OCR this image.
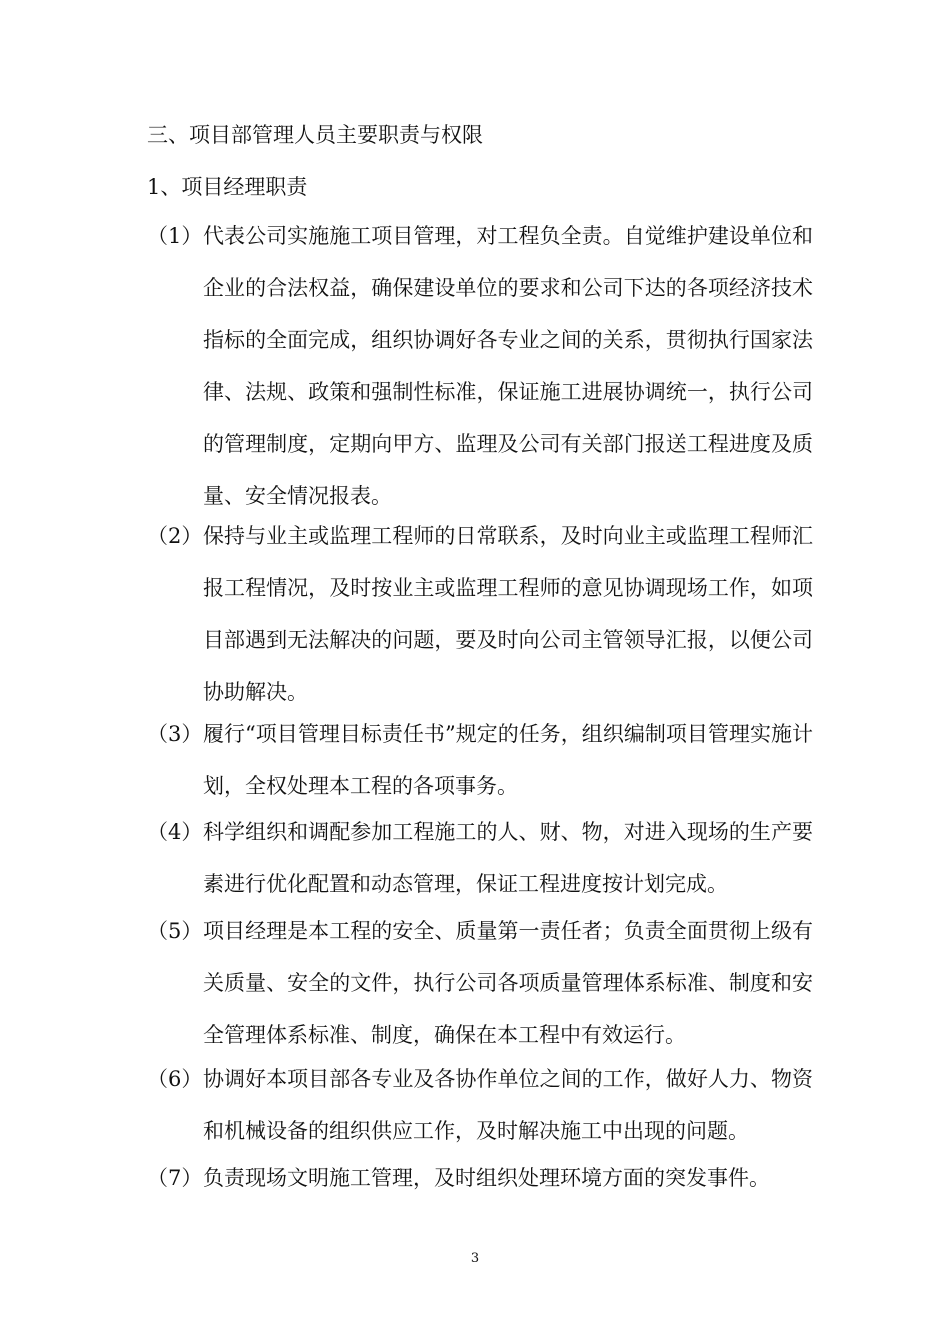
三、项目部管理人员主要职责与权限
1、项目经理职责
（1） 代表公司实施施工项目管理，对工程负全责。自觉维护建设单位和企业的合法权益，确保建设单位的要求和公司下达的各项经济技术指标的全面完成，组织协调好各专业之间的关系，贯彻执行国家法律、法规、政策和强制性标准，保证施工进展协调统一，执行公司的管理制度，定期向甲方、监理及公司有关部门报送工程进度及质量、安全情况报表。
（2） 保持与业主或监理工程师的日常联系，及时向业主或监理工程师汇报工程情况，及时按业主或监理工程师的意见协调现场工作，如项目部遇到无法解决的问题，要及时向公司主管领导汇报，以便公司协助解决。
（3） 履行“项目管理目标责任书”规定的任务，组织编制项目管理实施计划，全权处理本工程的各项事务。
（4） 科学组织和调配参加工程施工的人、财、物，对进入现场的生产要素进行优化配置和动态管理，保证工程进度按计划完成。
（5） 项目经理是本工程的安全、质量第一责任者；负责全面贯彻上级有关质量、安全的文件，执行公司各项质量管理体系标准、制度和安全管理体系标准、制度，确保在本工程中有效运行。
（6） 协调好本项目部各专业及各协作单位之间的工作，做好人力、物资和机械设备的组织供应工作，及时解决施工中出现的问题。
（7） 负责现场文明施工管理，及时组织处理环境方面的突发事件。
3
